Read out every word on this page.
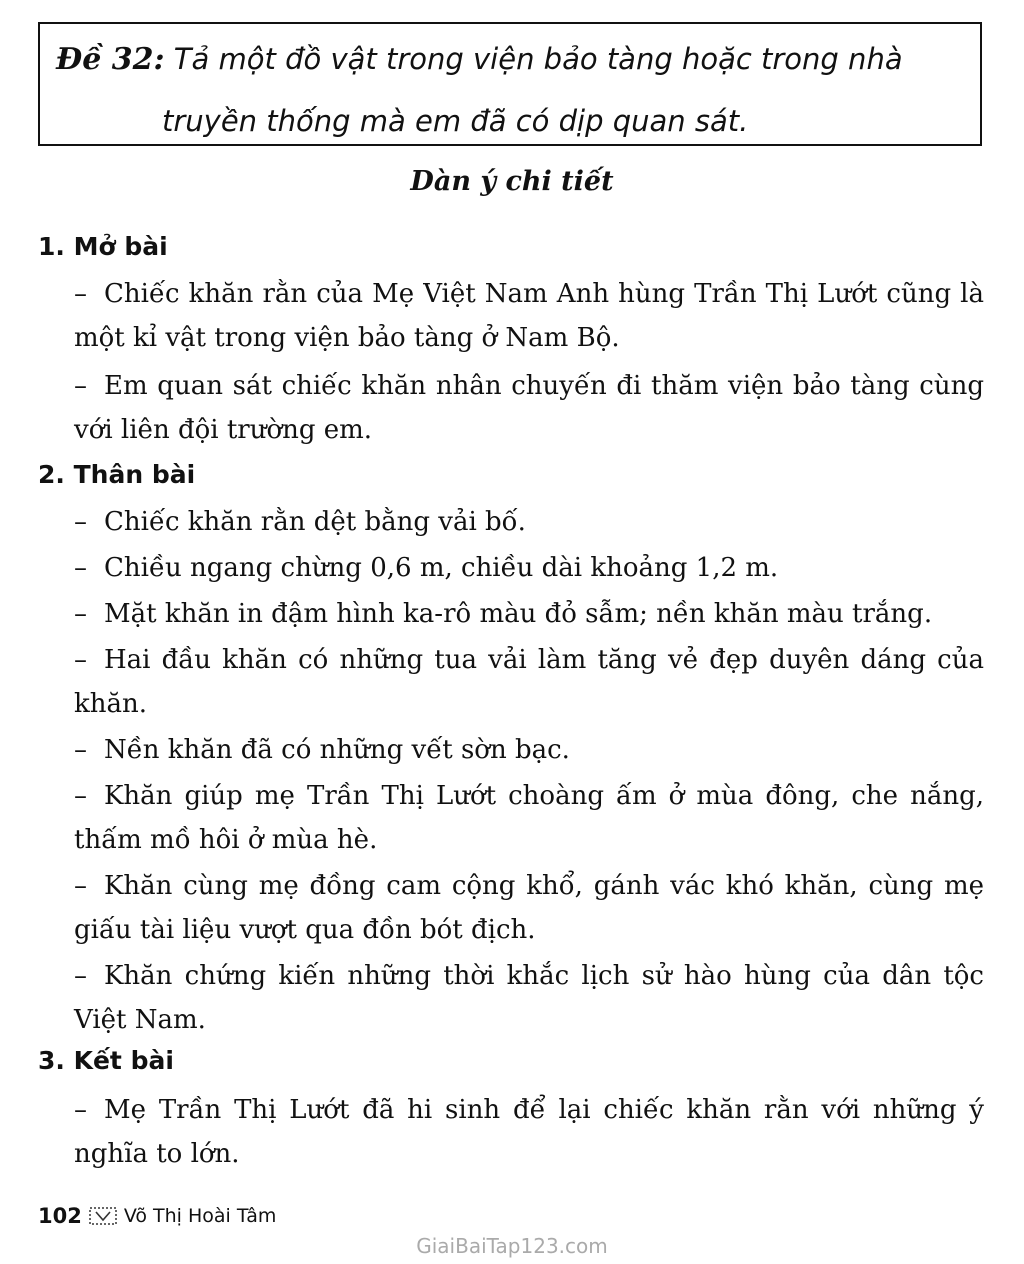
Đề 32: Tả một đồ vật trong viện bảo tàng hoặc trong nhà
truyền thống mà em đã có dịp quan sát.
Dàn ý chi tiết
1. Mở bài
– Chiếc khăn rằn của Mẹ Việt Nam Anh hùng Trần Thị Lướt cũng là một kỉ vật trong viện bảo tàng ở Nam Bộ.
– Em quan sát chiếc khăn nhân chuyến đi thăm viện bảo tàng cùng với liên đội trường em.
2. Thân bài
– Chiếc khăn rằn dệt bằng vải bố.
– Chiều ngang chừng 0,6 m, chiều dài khoảng 1,2 m.
– Mặt khăn in đậm hình ka-rô màu đỏ sẫm; nền khăn màu trắng.
– Hai đầu khăn có những tua vải làm tăng vẻ đẹp duyên dáng của khăn.
– Nền khăn đã có những vết sờn bạc.
– Khăn giúp mẹ Trần Thị Lướt choàng ấm ở mùa đông, che nắng, thấm mồ hôi ở mùa hè.
– Khăn cùng mẹ đồng cam cộng khổ, gánh vác khó khăn, cùng mẹ giấu tài liệu vượt qua đồn bót địch.
– Khăn chứng kiến những thời khắc lịch sử hào hùng của dân tộc Việt Nam.
3. Kết bài
– Mẹ Trần Thị Lướt đã hi sinh để lại chiếc khăn rằn với những ý nghĩa to lớn.
102 Võ Thị Hoài Tâm
GiaiBaiTap123.com
